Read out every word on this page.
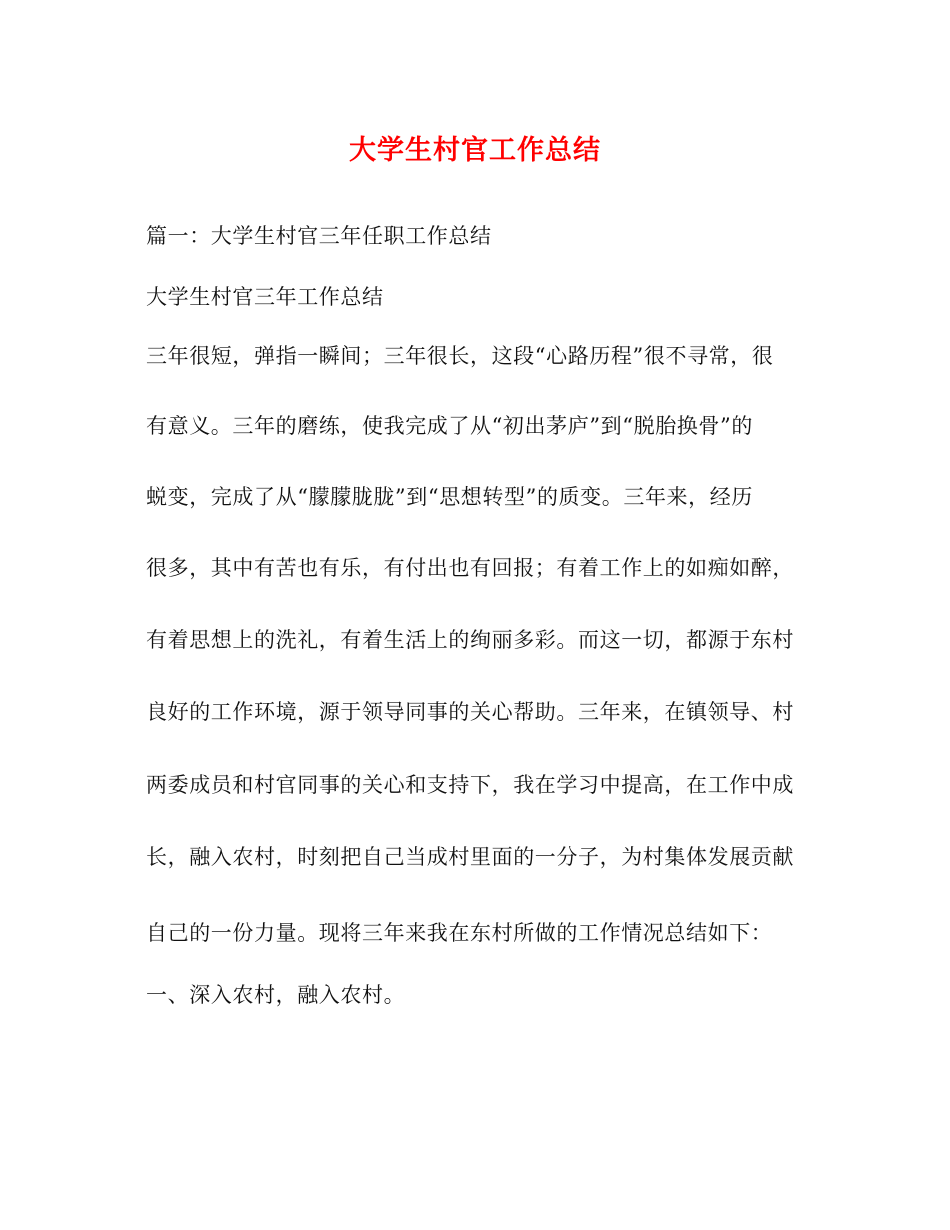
大学生村官工作总结
篇一：大学生村官三年任职工作总结
大学生村官三年工作总结
三年很短，弹指一瞬间；三年很长，这段“心路历程”很不寻常，很
有意义。三年的磨练，使我完成了从“初出茅庐”到“脱胎换骨”的
蜕变，完成了从“朦朦胧胧”到“思想转型”的质变。三年来，经历
很多，其中有苦也有乐，有付出也有回报；有着工作上的如痴如醉，
有着思想上的洗礼，有着生活上的绚丽多彩。而这一切，都源于东村
良好的工作环境，源于领导同事的关心帮助。三年来，在镇领导、村
两委成员和村官同事的关心和支持下，我在学习中提高，在工作中成
长，融入农村，时刻把自己当成村里面的一分子，为村集体发展贡献
自己的一份力量。现将三年来我在东村所做的工作情况总结如下：
一、深入农村，融入农村。
